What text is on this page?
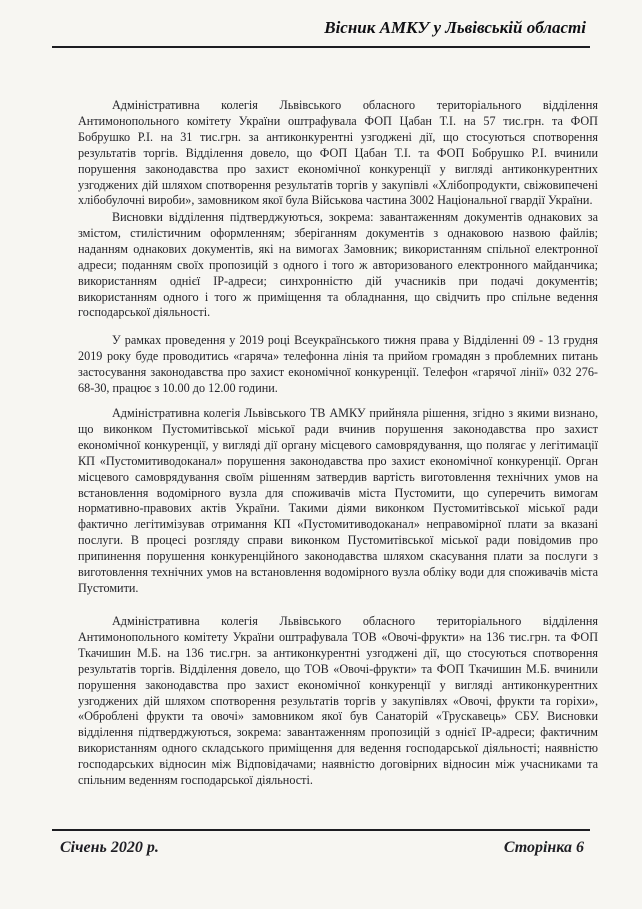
Вісник АМКУ у Львівській області

Адміністративна колегія Львівського обласного територіального відділення Антимонопольного комітету України оштрафувала ФОП Цабан Т.І. на 57 тис.грн. та ФОП Бобрушко Р.І. на 31 тис.грн. за антиконкурентні узгоджені дії, що стосуються спотворення результатів торгів. Відділення довело, що ФОП Цабан Т.І. та ФОП Бобрушко Р.І. вчинили порушення законодавства про захист економічної конкуренції у вигляді антиконкурентних узгоджених дій шляхом спотворення результатів торгів у закупівлі «Хлібопродукти, свіжовипечені хлібобулочні вироби», замовником якої була Військова частина 3002 Національної гвардії України.

Висновки відділення підтверджуються, зокрема: завантаженням документів однакових за змістом, стилістичним оформленням; зберіганням документів з однаковою назвою файлів; наданням однакових документів, які на вимогах Замовник; використанням спільної електронної адреси; поданням своїх пропозицій з одного і того ж авторизованого електронного майданчика; використанням однієї IP-адреси; синхронністю дій учасників при подачі документів; використанням одного і того ж приміщення та обладнання, що свідчить про спільне ведення господарської діяльності.

У рамках проведення у 2019 році Всеукраїнського тижня права у Відділенні 09 - 13 грудня 2019 року буде проводитись «гаряча» телефонна лінія та прийом громадян з проблемних питань застосування законодавства про захист економічної конкуренції. Телефон «гарячої лінії» 032 276-68-30, працює з 10.00 до 12.00 години.

Адміністративна колегія Львівського ТВ АМКУ прийняла рішення, згідно з якими визнано, що виконком Пустомитівської міської ради вчинив порушення законодавства про захист економічної конкуренції, у вигляді дії органу місцевого самоврядування, що полягає у легітимації КП «Пустомитиводоканал» порушення законодавства про захист економічної конкуренції. Орган місцевого самоврядування своїм рішенням затвердив вартість виготовлення технічних умов на встановлення водомірного вузла для споживачів міста Пустомити, що суперечить вимогам нормативно-правових актів України. Такими діями виконком Пустомитівської міської ради фактично легітимізував отримання КП «Пустомитиводоканал» неправомірної плати за вказані послуги. В процесі розгляду справи виконком Пустомитівської міської ради повідомив про припинення порушення конкуренційного законодавства шляхом скасування плати за послуги з виготовлення технічних умов на встановлення водомірного вузла обліку води для споживачів міста Пустомити.

Адміністративна колегія Львівського обласного територіального відділення Антимонопольного комітету України оштрафувала ТОВ «Овочі-фрукти» на 136 тис.грн. та ФОП Ткачишин М.Б. на 136 тис.грн. за антиконкурентні узгоджені дії, що стосуються спотворення результатів торгів. Відділення довело, що ТОВ «Овочі-фрукти» та ФОП Ткачишин М.Б. вчинили порушення законодавства про захист економічної конкуренції у вигляді антиконкурентних узгоджених дій шляхом спотворення результатів торгів у закупівлях «Овочі, фрукти та горіхи», «Оброблені фрукти та овочі» замовником якої був Санаторій «Трускавець» СБУ. Висновки відділення підтверджуються, зокрема: завантаженням пропозицій з однієї IP-адреси; фактичним використанням одного складського приміщення для ведення господарської діяльності; наявністю господарських відносин між Відповідачами; наявністю договірних відносин між учасниками та спільним веденням господарської діяльності.

Січень 2020 р.	Сторінка 6
